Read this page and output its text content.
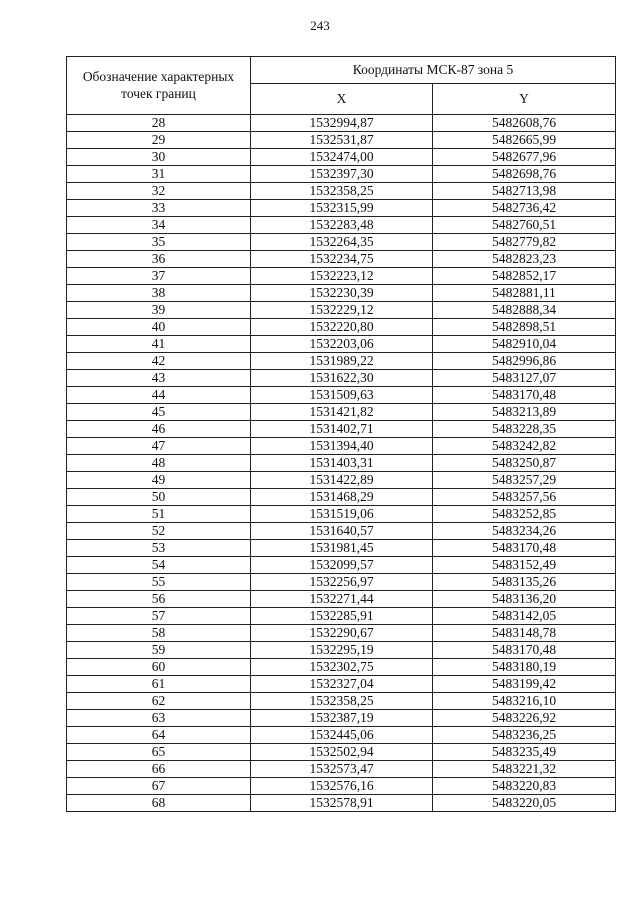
243
Обозначение характерных точек границ	Координаты МСК-87 зона 5	
	X	Y
28	1532994,87	5482608,76
29	1532531,87	5482665,99
30	1532474,00	5482677,96
31	1532397,30	5482698,76
32	1532358,25	5482713,98
33	1532315,99	5482736,42
34	1532283,48	5482760,51
35	1532264,35	5482779,82
36	1532234,75	5482823,23
37	1532223,12	5482852,17
38	1532230,39	5482881,11
39	1532229,12	5482888,34
40	1532220,80	5482898,51
41	1532203,06	5482910,04
42	1531989,22	5482996,86
43	1531622,30	5483127,07
44	1531509,63	5483170,48
45	1531421,82	5483213,89
46	1531402,71	5483228,35
47	1531394,40	5483242,82
48	1531403,31	5483250,87
49	1531422,89	5483257,29
50	1531468,29	5483257,56
51	1531519,06	5483252,85
52	1531640,57	5483234,26
53	1531981,45	5483170,48
54	1532099,57	5483152,49
55	1532256,97	5483135,26
56	1532271,44	5483136,20
57	1532285,91	5483142,05
58	1532290,67	5483148,78
59	1532295,19	5483170,48
60	1532302,75	5483180,19
61	1532327,04	5483199,42
62	1532358,25	5483216,10
63	1532387,19	5483226,92
64	1532445,06	5483236,25
65	1532502,94	5483235,49
66	1532573,47	5483221,32
67	1532576,16	5483220,83
68	1532578,91	5483220,05
